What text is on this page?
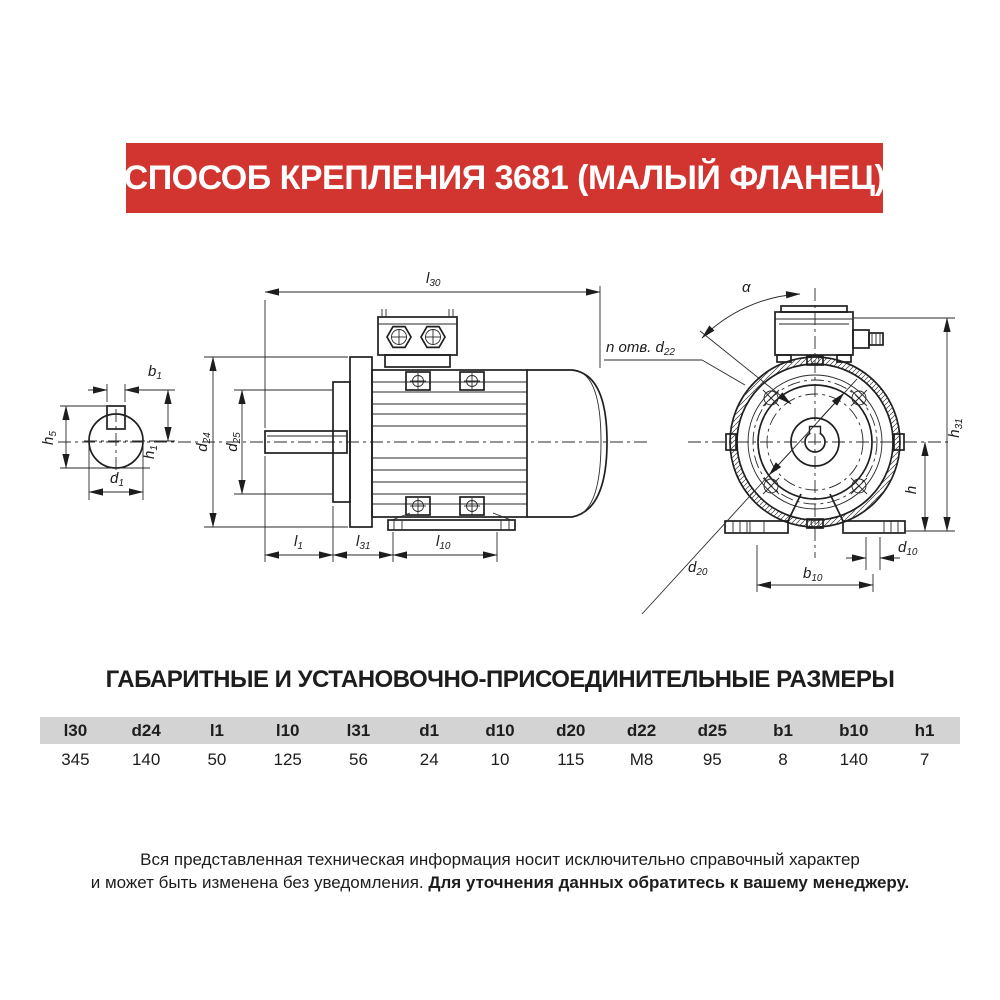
СПОСОБ КРЕПЛЕНИЯ 3681 (МАЛЫЙ ФЛАНЕЦ)
$b_1$
$h_5$
$h_1$
$d_1$
$l_{30}$
$d_{24}$
$d_{25}$
$l_1$	$l_{31}$	$l_{10}$
α
n отв. $d_{22}$
$d_{20}$
h
$h_{31}$
$d_{10}$
$b_{10}$
ГАБАРИТНЫЕ И УСТАНОВОЧНО-ПРИСОЕДИНИТЕЛЬНЫЕ РАЗМЕРЫ
l30	d24	l1	l10	l31	d1	d10	d20	d22	d25	b1	b10	h1
345	140	50	125	56	24	10	115	M8	95	8	140	7
Вся представленная техническая информация носит исключительно справочный характер
и может быть изменена без уведомления. Для уточнения данных обратитесь к вашему менеджеру.
